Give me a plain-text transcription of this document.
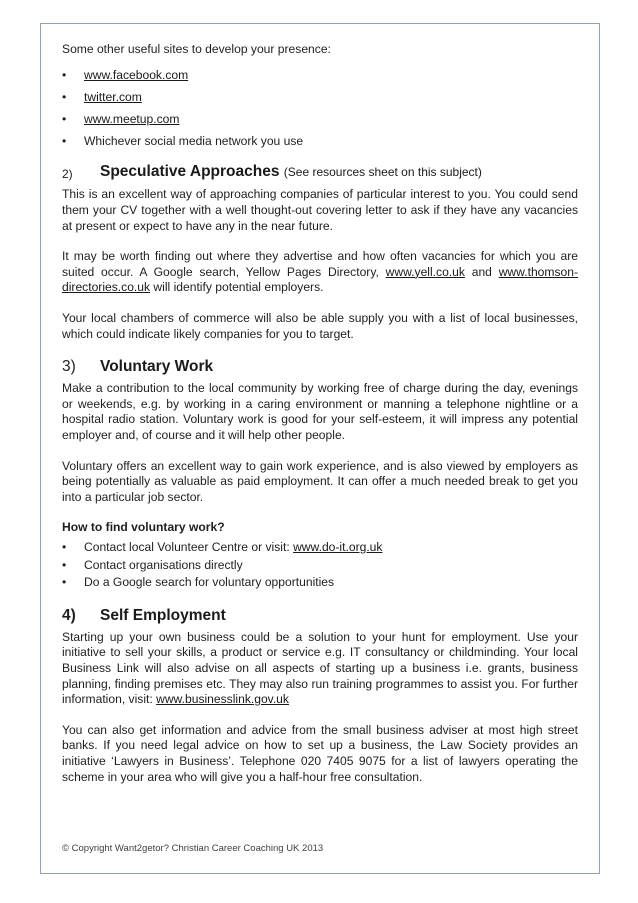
Some other useful sites to develop your presence:

• www.facebook.com
• twitter.com
• www.meetup.com
• Whichever social media network you use
2) Speculative Approaches (See resources sheet on this subject)

This is an excellent way of approaching companies of particular interest to you. You could send them your CV together with a well thought-out covering letter to ask if they have any vacancies at present or expect to have any in the near future.

It may be worth finding out where they advertise and how often vacancies for which you are suited occur. A Google search, Yellow Pages Directory, www.yell.co.uk and www.thomson-directories.co.uk will identify potential employers.

Your local chambers of commerce will also be able supply you with a list of local businesses, which could indicate likely companies for you to target.

3) Voluntary Work

Make a contribution to the local community by working free of charge during the day, evenings or weekends, e.g. by working in a caring environment or manning a telephone nightline or a hospital radio station. Voluntary work is good for your self-esteem, it will impress any potential employer and, of course and it will help other people.

Voluntary offers an excellent way to gain work experience, and is also viewed by employers as being potentially as valuable as paid employment. It can offer a much needed break to get you into a particular job sector.

How to find voluntary work?

• Contact local Volunteer Centre or visit: www.do-it.org.uk
• Contact organisations directly
• Do a Google search for voluntary opportunities
4) Self Employment

Starting up your own business could be a solution to your hunt for employment. Use your initiative to sell your skills, a product or service e.g. IT consultancy or childminding. Your local Business Link will also advise on all aspects of starting up a business i.e. grants, business planning, finding premises etc. They may also run training programmes to assist you. For further information, visit: www.businesslink.gov.uk

You can also get information and advice from the small business adviser at most high street banks. If you need legal advice on how to set up a business, the Law Society provides an initiative ‘Lawyers in Business’. Telephone 020 7405 9075 for a list of lawyers operating the scheme in your area who will give you a half-hour free consultation.

© Copyright Want2getor? Christian Career Coaching UK 2013
